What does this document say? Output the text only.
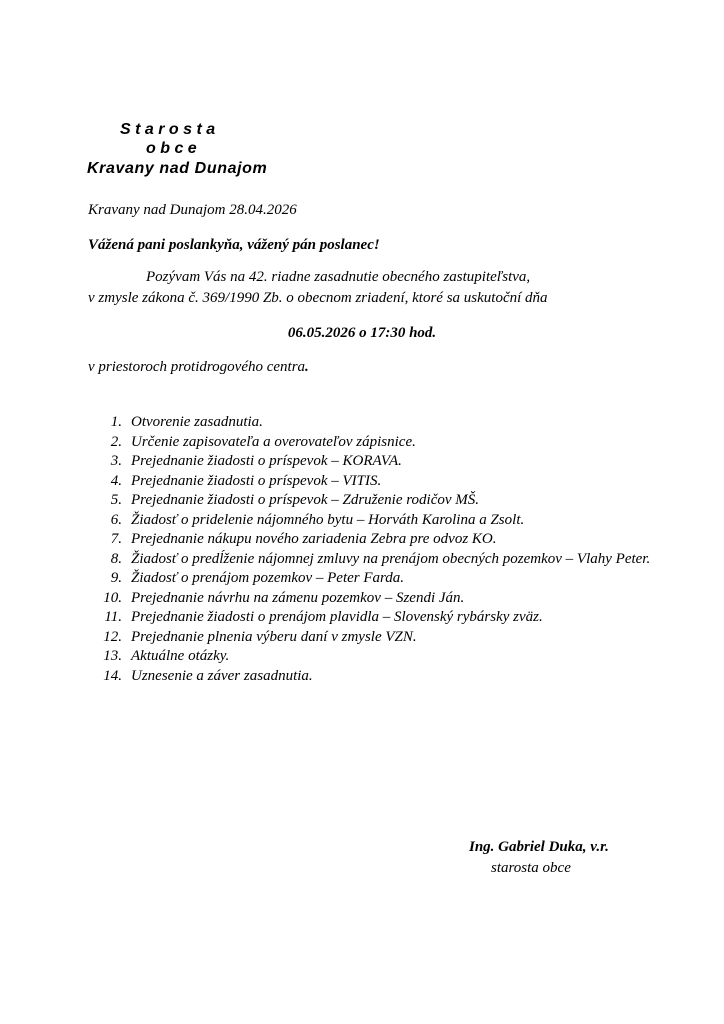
S t a r o s t a
o b c e
Kravany nad Dunajom
Kravany nad Dunajom 28.04.2026
Vážená pani poslankyňa, vážený pán poslanec!
Pozývam Vás na 42. riadne zasadnutie obecného zastupiteľstva,
v zmysle zákona č. 369/1990 Zb. o obecnom zriadení, ktoré sa uskutoční dňa
06.05.2026 o 17:30 hod.
v priestoroch protidrogového centra.
1. Otvorenie zasadnutia.
2. Určenie zapisovateľa a overovateľov zápisnice.
3. Prejednanie žiadosti o príspevok – KORAVA.
4. Prejednanie žiadosti o príspevok – VITIS.
5. Prejednanie žiadosti o príspevok – Združenie rodičov MŠ.
6. Žiadosť o pridelenie nájomného bytu – Horváth Karolina a Zsolt.
7. Prejednanie nákupu nového zariadenia Zebra pre odvoz KO.
8. Žiadosť o predĺženie nájomnej zmluvy na prenájom obecných pozemkov – Vlahy Peter.
9. Žiadosť o prenájom pozemkov – Peter Farda.
10. Prejednanie návrhu na zámenu pozemkov – Szendi Ján.
11. Prejednanie žiadosti o prenájom plavidla – Slovenský rybársky zväz.
12. Prejednanie plnenia výberu daní v zmysle VZN.
13. Aktuálne otázky.
14. Uznesenie a záver zasadnutia.
Ing. Gabriel Duka, v.r.
starosta obce
